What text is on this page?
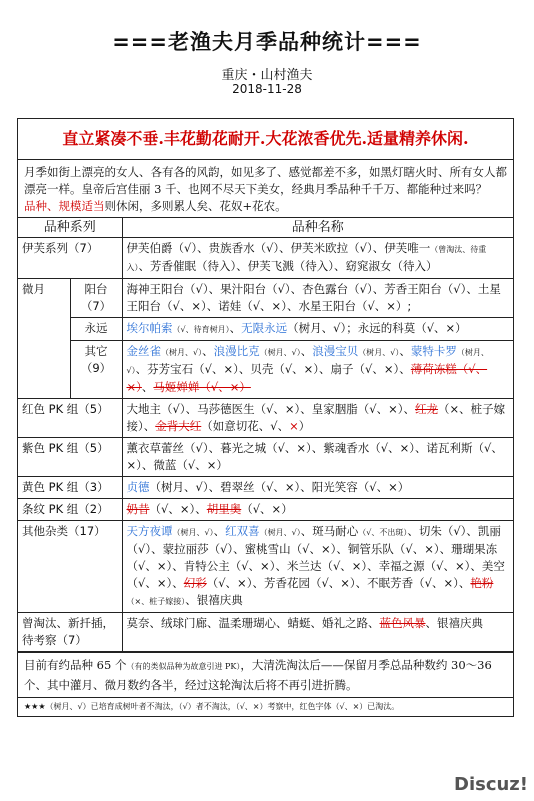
===老渔夫月季品种统计===
重庆・山村渔夫
2018-11-28
直立紧凑不垂.丰花勤花耐开.大花浓香优先.适量精养休闲.
月季如街上漂亮的女人、各有各的风韵，如见多了、感觉都差不多，如黑灯瞎火时、所有女人都漂亮一样。皇帝后宫佳丽 3 千、也网不尽天下美女，经典月季品种千千万、都能种过来吗？
品种、规模适当则休闲，多则累人矣、花奴+花农。
品种系列		品种名称
伊芙系列（7）		伊芙伯爵（√）、贵族香水（√）、伊芙米欧拉（√）、伊芙唯一（曾淘汰、待重入）、芳香催眠（待入）、伊芙飞溅（待入）、窈窕淑女（待入）
微月	阳台（7）	海神王阳台（√）、果汁阳台（√）、杏色露台（√）、芳香王阳台（√）、土星王阳台（√、×）、诺娃（√、×）、水星王阳台（√、×）;
	永远	埃尔帕索（√、待育树月）、无限永远（树月、√）；永远的科莫（√、×）
	其它（9）	金丝雀（树月、√）、浪漫比克（树月、√）、浪漫宝贝（树月、√）、蒙特卡罗（树月、√）、芬芳宝石（√、×）、贝壳（√、×）、扇子（√、×）、薄荷冻糕（√、×）、马姬婵婵（√、×）
红色 PK 组（5）		大地主（√）、马莎德医生（√、×）、皇家胭脂（√、×）、红龙（×、桩子嫁接）、金背大红（如意切花、√、×）
紫色 PK 组（5）		薰衣草蕾丝（√）、暮光之城（√、×）、紫魂香水（√、×）、诺瓦利斯（√、×）、微蓝（√、×）
黄色 PK 组（3）		贞德（树月、√）、碧翠丝（√、×）、阳光笑容（√、×）
条纹 PK 组（2）		奶昔（√、×）、胡里奥（√、×）
其他杂类（17）		天方夜谭（树月、√）、红双喜（树月、√）、斑马耐心（√、不出斑）、切朱（√）、凯丽（√）、蒙拉丽莎（√）、蜜桃雪山（√、×）、铜管乐队（√、×）、珊瑚果冻（√、×）、肯特公主（√、×）、米兰达（√、×）、幸福之源（√、×）、美空（√、×）、幻彩（√、×）、芳香花园（√、×）、不眠芳香（√、×）、艳粉（×、桩子嫁接）、银禧庆典
曾淘汰、新扦插，待考察（7）		莫奈、绒球门廊、温柔珊瑚心、蜻蜓、婚礼之路、蓝色风暴、银禧庆典
目前有约品种 65 个（有的类似品种为故意引进 PK），大清洗淘汰后——保留月季总品种数约 30～36 个、其中灌月、微月数约各半，经过这轮淘汰后将不再引进折腾。
★★★（树月、√）已培育成树叶者不淘汰，（√）者不淘汰，（√、×）考察中，红色字体（√、×）已淘汰。
Discuz!
